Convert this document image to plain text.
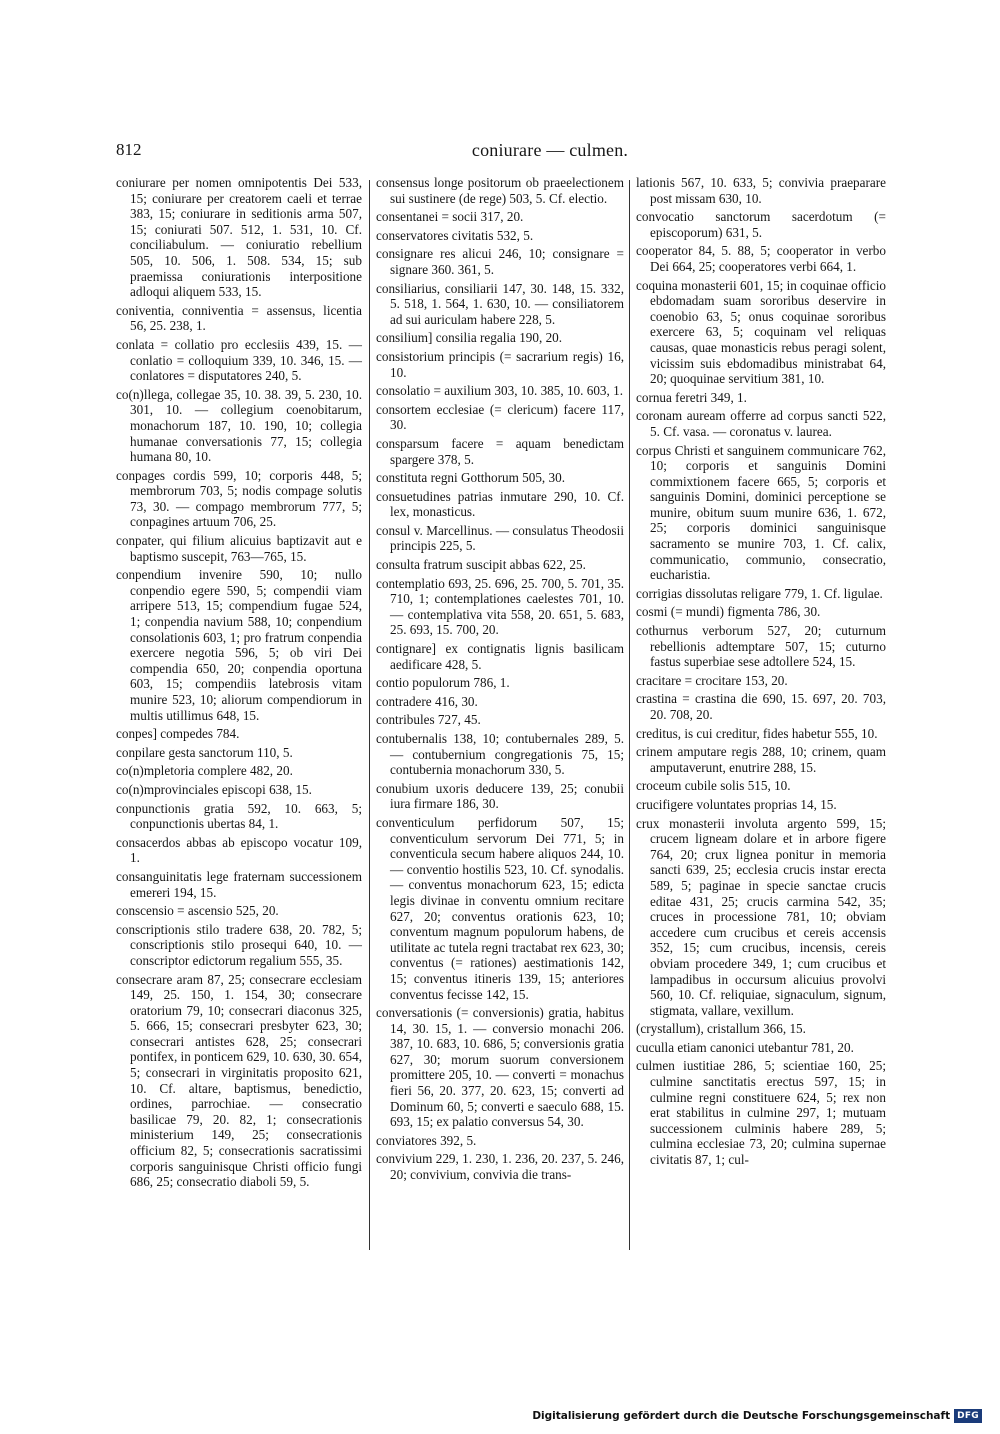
812	coniurare — culmen.

coniurare per nomen omnipotentis Dei 533, 15; coniurare per creatorem caeli et terrae 383, 15; coniurare in seditionis arma 507, 15; coniurati 507. 512, 1. 531, 10. Cf. conciliabulum. — coniuratio rebellium 505, 10. 506, 1. 508. 534, 15; sub praemissa coniurationis interpositione adloqui aliquem 533, 15.

coniventia, conniventia = assensus, licentia 56, 25. 238, 1.

conlata = collatio pro ecclesiis 439, 15. — conlatio = colloquium 339, 10. 346, 15. — conlatores = disputatores 240, 5.

co(n)llega, collegae 35, 10. 38. 39, 5. 230, 10. 301, 10. — collegium coenobitarum, monachorum 187, 10. 190, 10; collegia humanae conversationis 77, 15; collegia humana 80, 10.

conpages cordis 599, 10; corporis 448, 5; membrorum 703, 5; nodis compage solutis 73, 30. — compago membrorum 777, 5; conpagines artuum 706, 25.

conpater, qui filium alicuius baptizavit aut e baptismo suscepit, 763—765, 15.

conpendium invenire 590, 10; nullo conpendio egere 590, 5; compendii viam arripere 513, 15; compendium fugae 524, 1; conpendia navium 588, 10; conpendium consolationis 603, 1; pro fratrum conpendia exercere negotia 596, 5; ob viri Dei compendia 650, 20; conpendia oportuna 603, 15; compendiis latebrosis vitam munire 523, 10; aliorum compendiorum in multis utillimus 648, 15.

conpes] compedes 784.

conpilare gesta sanctorum 110, 5.

co(n)mpletoria complere 482, 20.

co(n)mprovinciales episcopi 638, 15.

conpunctionis gratia 592, 10. 663, 5; conpunctionis ubertas 84, 1.

consacerdos abbas ab episcopo vocatur 109, 1.

consanguinitatis lege fraternam successionem emereri 194, 15.

conscensio = ascensio 525, 20.

conscriptionis stilo tradere 638, 20. 782, 5; conscriptionis stilo prosequi 640, 10. — conscriptor edictorum regalium 555, 35.

consecrare aram 87, 25; consecrare ecclesiam 149, 25. 150, 1. 154, 30; consecrare oratorium 79, 10; consecrari diaconus 325, 5. 666, 15; consecrari presbyter 623, 30; consecrari antistes 628, 25; consecrari pontifex, in ponticem 629, 10. 630, 30. 654, 5; consecrari in virginitatis proposito 621, 10. Cf. altare, baptismus, benedictio, ordines, parrochiae. — consecratio basilicae 79, 20. 82, 1; consecrationis ministerium 149, 25; consecrationis officium 82, 5; consecrationis sacratissimi corporis sanguinisque Christi officio fungi 686, 25; consecratio diaboli 59, 5.

consensus longe positorum ob praeelectionem sui sustinere (de rege) 503, 5. Cf. electio.

consentanei = socii 317, 20.

conservatores civitatis 532, 5.

consignare res alicui 246, 10; consignare = signare 360. 361, 5.

consiliarius, consiliarii 147, 30. 148, 15. 332, 5. 518, 1. 564, 1. 630, 10. — consiliatorem ad sui auriculam habere 228, 5.

consilium] consilia regalia 190, 20.

consistorium principis (= sacrarium regis) 16, 10.

consolatio = auxilium 303, 10. 385, 10. 603, 1.

consortem ecclesiae (= clericum) facere 117, 30.

consparsum facere = aquam benedictam spargere 378, 5.

constituta regni Gotthorum 505, 30.

consuetudines patrias inmutare 290, 10. Cf. lex, monasticus.

consul v. Marcellinus. — consulatus Theodosii principis 225, 5.

consulta fratrum suscipit abbas 622, 25.

contemplatio 693, 25. 696, 25. 700, 5. 701, 35. 710, 1; contemplationes caelestes 701, 10. — contemplativa vita 558, 20. 651, 5. 683, 25. 693, 15. 700, 20.

contignare] ex contignatis lignis basilicam aedificare 428, 5.

contio populorum 786, 1.

contradere 416, 30.

contribules 727, 45.

contubernalis 138, 10; contubernales 289, 5. — contubernium congregationis 75, 15; contubernia monachorum 330, 5.

conubium uxoris deducere 139, 25; conubii iura firmare 186, 30.

conventiculum perfidorum 507, 15; conventiculum servorum Dei 771, 5; in conventicula secum habere aliquos 244, 10. — conventio hostilis 523, 10. Cf. synodalis. — conventus monachorum 623, 15; edicta legis divinae in conventu omnium recitare 627, 20; conventus orationis 623, 10; conventum magnum populorum habens, de utilitate ac tutela regni tractabat rex 623, 30; conventus (= rationes) aestimationis 142, 15; conventus itineris 139, 15; anteriores conventus fecisse 142, 15.

conversationis (= conversionis) gratia, habitus 14, 30. 15, 1. — conversio monachi 206. 387, 10. 683, 10. 686, 5; conversionis gratia 627, 30; morum suorum conversionem promittere 205, 10. — converti = monachus fieri 56, 20. 377, 20. 623, 15; converti ad Dominum 60, 5; converti e saeculo 688, 15. 693, 15; ex palatio conversus 54, 30.

conviatores 392, 5.

convivium 229, 1. 230, 1. 236, 20. 237, 5. 246, 20; convivium, convivia die trans-

lationis 567, 10. 633, 5; convivia praeparare post missam 630, 10.

convocatio sanctorum sacerdotum (= episcoporum) 631, 5.

cooperator 84, 5. 88, 5; cooperator in verbo Dei 664, 25; cooperatores verbi 664, 1.

coquina monasterii 601, 15; in coquinae officio ebdomadam suam sororibus deservire in coenobio 63, 5; onus coquinae sororibus exercere 63, 5; coquinam vel reliquas causas, quae monasticis rebus peragi solent, vicissim suis ebdomadibus ministrabat 64, 20; quoquinae servitium 381, 10.

cornua feretri 349, 1.

coronam auream offerre ad corpus sancti 522, 5. Cf. vasa. — coronatus v. laurea.

corpus Christi et sanguinem communicare 762, 10; corporis et sanguinis Domini commixtionem facere 665, 5; corporis et sanguinis Domini, dominici perceptione se munire, obitum suum munire 636, 1. 672, 25; corporis dominici sanguinisque sacramento se munire 703, 1. Cf. calix, communicatio, communio, consecratio, eucharistia.

corrigias dissolutas religare 779, 1. Cf. ligulae.

cosmi (= mundi) figmenta 786, 30.

cothurnus verborum 527, 20; cuturnum rebellionis adtemptare 507, 15; cuturno fastus superbiae sese adtollere 524, 15.

cracitare = crocitare 153, 20.

crastina = crastina die 690, 15. 697, 20. 703, 20. 708, 20.

creditus, is cui creditur, fides habetur 555, 10.

crinem amputare regis 288, 10; crinem, quam amputaverunt, enutrire 288, 15.

croceum cubile solis 515, 10.

crucifigere voluntates proprias 14, 15.

crux monasterii involuta argento 599, 15; crucem ligneam dolare et in arbore figere 764, 20; crux lignea ponitur in memoria sancti 639, 25; ecclesia crucis instar erecta 589, 5; paginae in specie sanctae crucis editae 431, 25; crucis carmina 542, 35; cruces in processione 781, 10; obviam accedere cum crucibus et cereis accensis 352, 15; cum crucibus, incensis, cereis obviam procedere 349, 1; cum crucibus et lampadibus in occursum alicuius provolvi 560, 10. Cf. reliquiae, signaculum, signum, stigmata, vallare, vexillum.

(crystallum), cristallum 366, 15.

cuculla etiam canonici utebantur 781, 20.

culmen iustitiae 286, 5; scientiae 160, 25; culmine sanctitatis erectus 597, 15; in culmine regni constituere 624, 5; rex non erat stabilitus in culmine 297, 1; mutuam successionem culminis habere 289, 5; culmina ecclesiae 73, 20; culmina supernae civitatis 87, 1; cul-

Digitalisierung gefördert durch die Deutsche Forschungsgemeinschaft DFG
